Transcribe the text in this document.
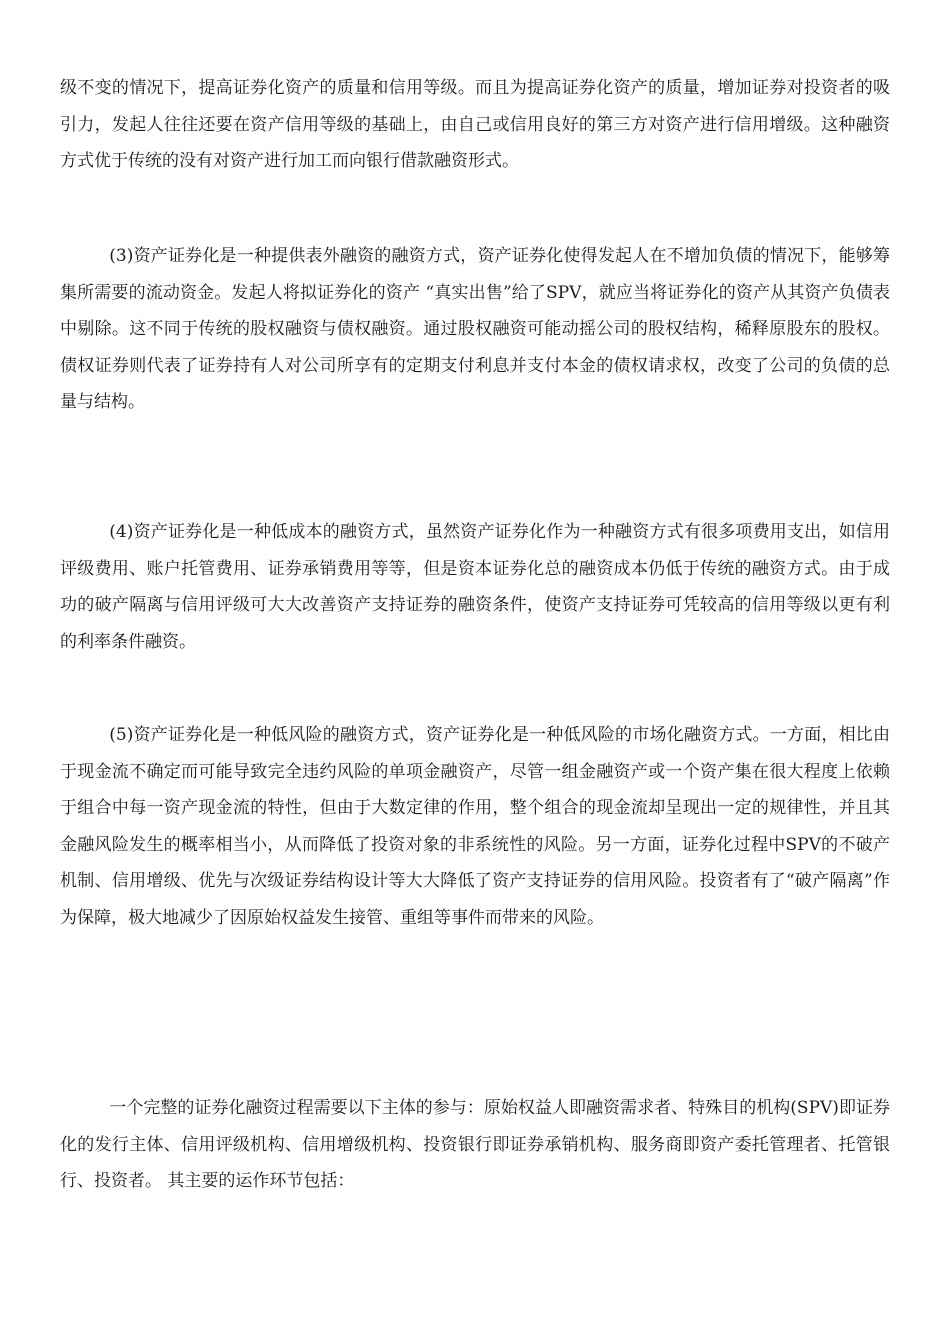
级不变的情况下，提高证券化资产的质量和信用等级。而且为提高证券化资产的质量，增加证券对投资者的吸引力，发起人往往还要在资产信用等级的基础上，由自己或信用良好的第三方对资产进行信用增级。这种融资方式优于传统的没有对资产进行加工而向银行借款融资形式。

(3)资产证券化是一种提供表外融资的融资方式，资产证券化使得发起人在不增加负债的情况下，能够筹集所需要的流动资金。发起人将拟证券化的资产 “真实出售”给了SPV，就应当将证券化的资产从其资产负债表中剔除。这不同于传统的股权融资与债权融资。通过股权融资可能动摇公司的股权结构，稀释原股东的股权。债权证券则代表了证券持有人对公司所享有的定期支付利息并支付本金的债权请求权，改变了公司的负债的总量与结构。

(4)资产证券化是一种低成本的融资方式，虽然资产证券化作为一种融资方式有很多项费用支出，如信用评级费用、账户托管费用、证券承销费用等等，但是资本证券化总的融资成本仍低于传统的融资方式。由于成功的破产隔离与信用评级可大大改善资产支持证券的融资条件，使资产支持证券可凭较高的信用等级以更有利的利率条件融资。

(5)资产证券化是一种低风险的融资方式，资产证券化是一种低风险的市场化融资方式。一方面，相比由于现金流不确定而可能导致完全违约风险的单项金融资产，尽管一组金融资产或一个资产集在很大程度上依赖于组合中每一资产现金流的特性，但由于大数定律的作用，整个组合的现金流却呈现出一定的规律性，并且其金融风险发生的概率相当小，从而降低了投资对象的非系统性的风险。另一方面，证券化过程中SPV的不破产机制、信用增级、优先与次级证券结构设计等大大降低了资产支持证券的信用风险。投资者有了“破产隔离”作为保障，极大地减少了因原始权益发生接管、重组等事件而带来的风险。

一个完整的证券化融资过程需要以下主体的参与：原始权益人即融资需求者、特殊目的机构(SPV)即证券化的发行主体、信用评级机构、信用增级机构、投资银行即证券承销机构、服务商即资产委托管理者、托管银行、投资者。 其主要的运作环节包括：
